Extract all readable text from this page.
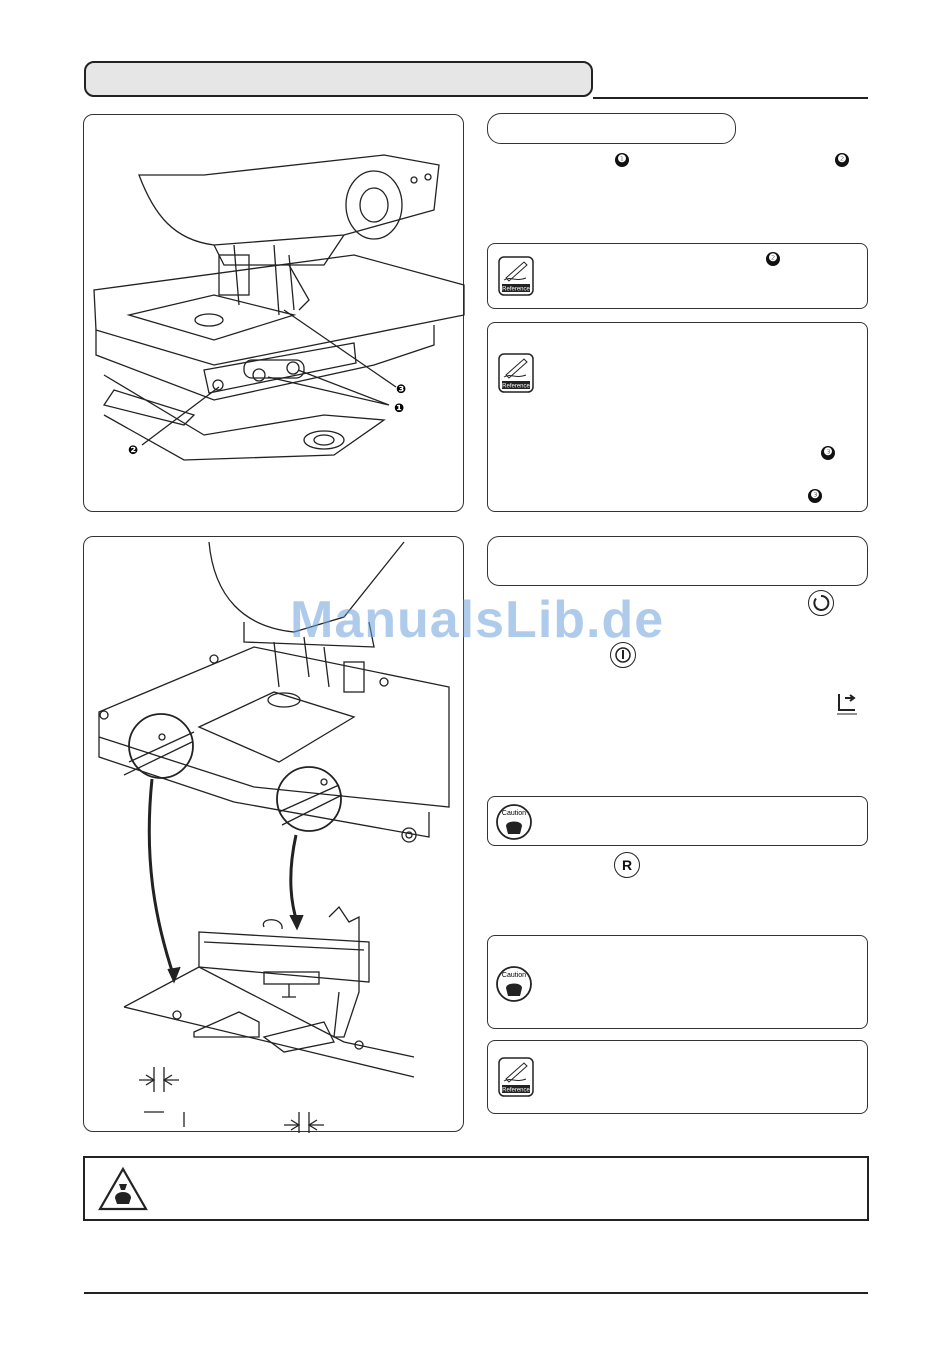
❸
❶
❷
❶	❷
Reference
❷
Reference
❸
❸
Caution
R
Caution
Reference
ManualsLib.de
